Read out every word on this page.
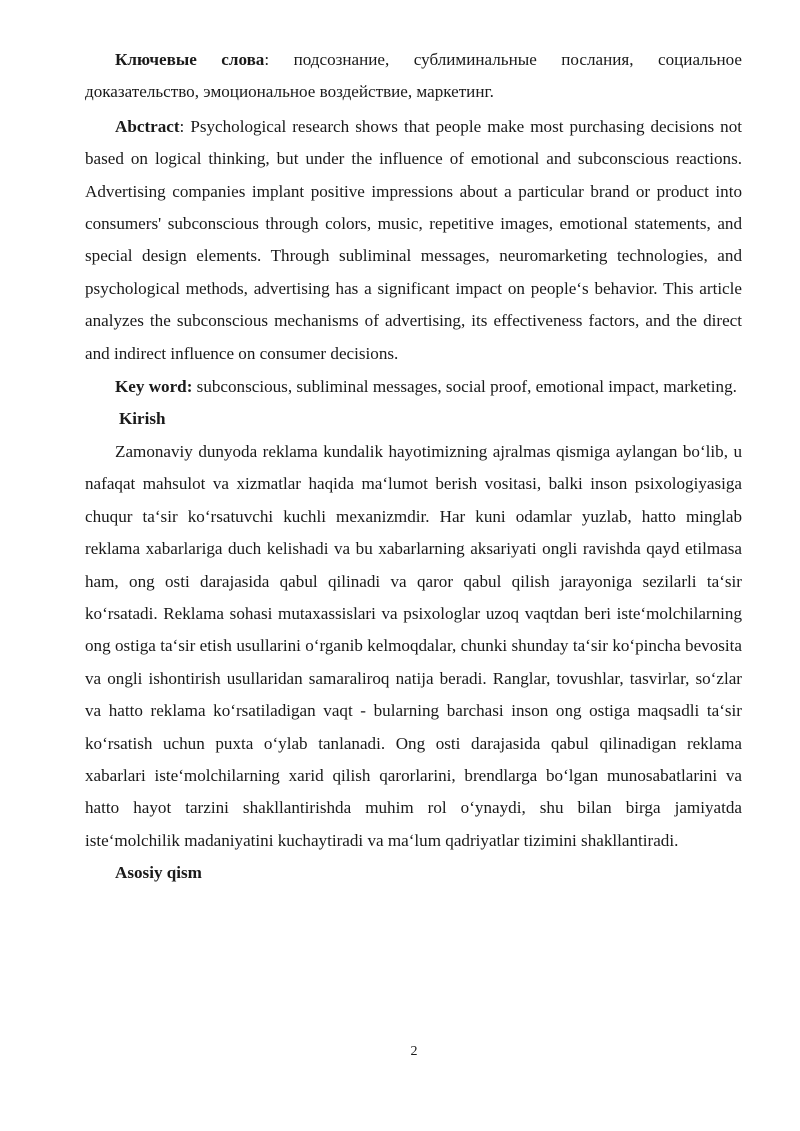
Ключевые слова: подсознание, сублиминальные послания, социальное доказательство, эмоциональное воздействие, маркетинг.

Abctract: Psychological research shows that people make most purchasing decisions not based on logical thinking, but under the influence of emotional and subconscious reactions. Advertising companies implant positive impressions about a particular brand or product into consumers' subconscious through colors, music, repetitive images, emotional statements, and special design elements. Through subliminal messages, neuromarketing technologies, and psychological methods, advertising has a significant impact on people‘s behavior. This article analyzes the subconscious mechanisms of advertising, its effectiveness factors, and the direct and indirect influence on consumer decisions.

Key word: subconscious, subliminal messages, social proof, emotional impact, marketing.

Kirish

Zamonaviy dunyoda reklama kundalik hayotimizning ajralmas qismiga aylangan bo‘lib, u nafaqat mahsulot va xizmatlar haqida ma‘lumot berish vositasi, balki inson psixologiyasiga chuqur ta‘sir ko‘rsatuvchi kuchli mexanizmdir. Har kuni odamlar yuzlab, hatto minglab reklama xabarlariga duch kelishadi va bu xabarlarning aksariyati ongli ravishda qayd etilmasa ham, ong osti darajasida qabul qilinadi va qaror qabul qilish jarayoniga sezilarli ta‘sir ko‘rsatadi. Reklama sohasi mutaxassislari va psixologlar uzoq vaqtdan beri iste‘molchilarning ong ostiga ta‘sir etish usullarini o‘rganib kelmoqdalar, chunki shunday ta‘sir ko‘pincha bevosita va ongli ishontirish usullaridan samaraliroq natija beradi. Ranglar, tovushlar, tasvirlar, so‘zlar va hatto reklama ko‘rsatiladigan vaqt - bularning barchasi inson ong ostiga maqsadli ta‘sir ko‘rsatish uchun puxta o‘ylab tanlanadi. Ong osti darajasida qabul qilinadigan reklama xabarlari iste‘molchilarning xarid qilish qarorlarini, brendlarga bo‘lgan munosabatlarini va hatto hayot tarzini shakllantirishda muhim rol o‘ynaydi, shu bilan birga jamiyatda iste‘molchilik madaniyatini kuchaytiradi va ma‘lum qadriyatlar tizimini shakllantiradi.

Asosiy qism

2
